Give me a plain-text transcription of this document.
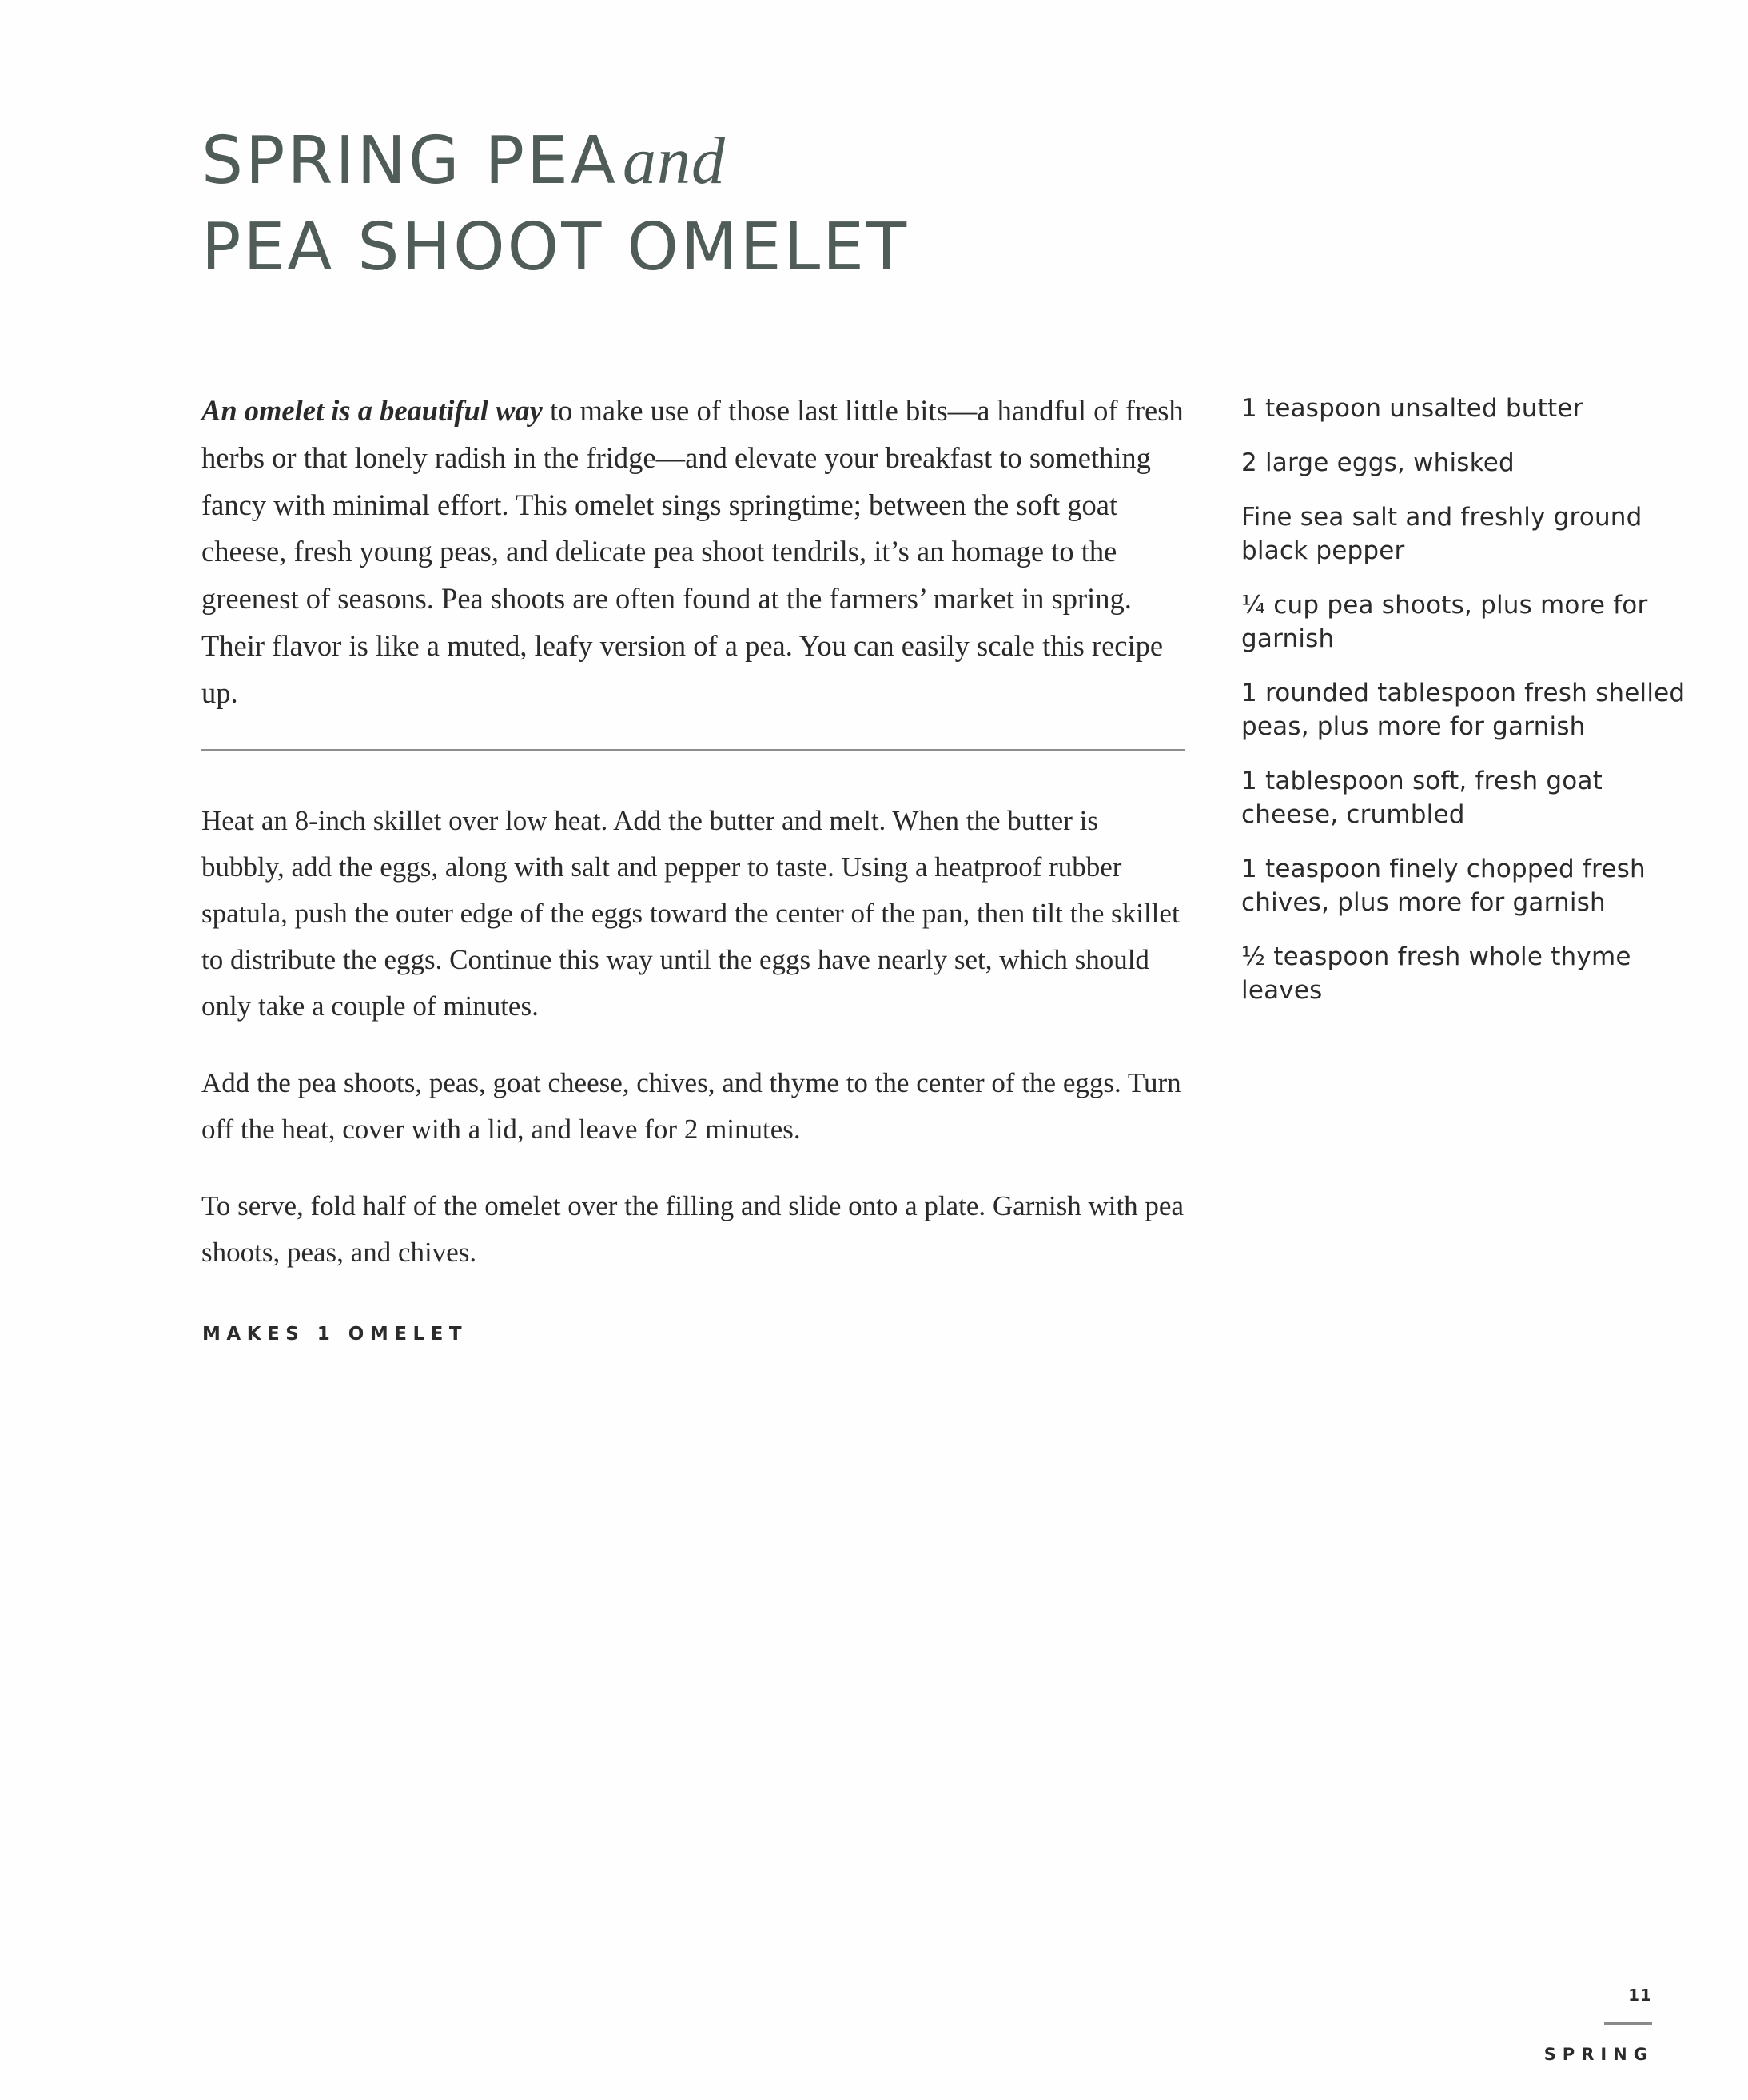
SPRING PEAand
PEA SHOOT OMELET

An omelet is a beautiful way to make use of those last little bits—a handful of fresh herbs or that lonely radish in the fridge—and elevate your breakfast to something fancy with minimal effort. This omelet sings springtime; between the soft goat cheese, fresh young peas, and delicate pea shoot tendrils, it’s an homage to the greenest of seasons. Pea shoots are often found at the farmers’ market in spring. Their flavor is like a muted, leafy version of a pea. You can easily scale this recipe up.

Heat an 8-inch skillet over low heat. Add the butter and melt. When the butter is bubbly, add the eggs, along with salt and pepper to taste. Using a heatproof rubber spatula, push the outer edge of the eggs toward the center of the pan, then tilt the skillet to distribute the eggs. Continue this way until the eggs have nearly set, which should only take a couple of minutes.

Add the pea shoots, peas, goat cheese, chives, and thyme to the center of the eggs. Turn off the heat, cover with a lid, and leave for 2 minutes.

To serve, fold half of the omelet over the filling and slide onto a plate. Garnish with pea shoots, peas, and chives.

MAKES 1 OMELET

1 teaspoon unsalted butter
2 large eggs, whisked
Fine sea salt and freshly ground black pepper
¼ cup pea shoots, plus more for garnish
1 rounded tablespoon fresh shelled peas, plus more for garnish
1 tablespoon soft, fresh goat cheese, crumbled
1 teaspoon finely chopped fresh chives, plus more for garnish
½ teaspoon fresh whole thyme leaves
11
SPRING
